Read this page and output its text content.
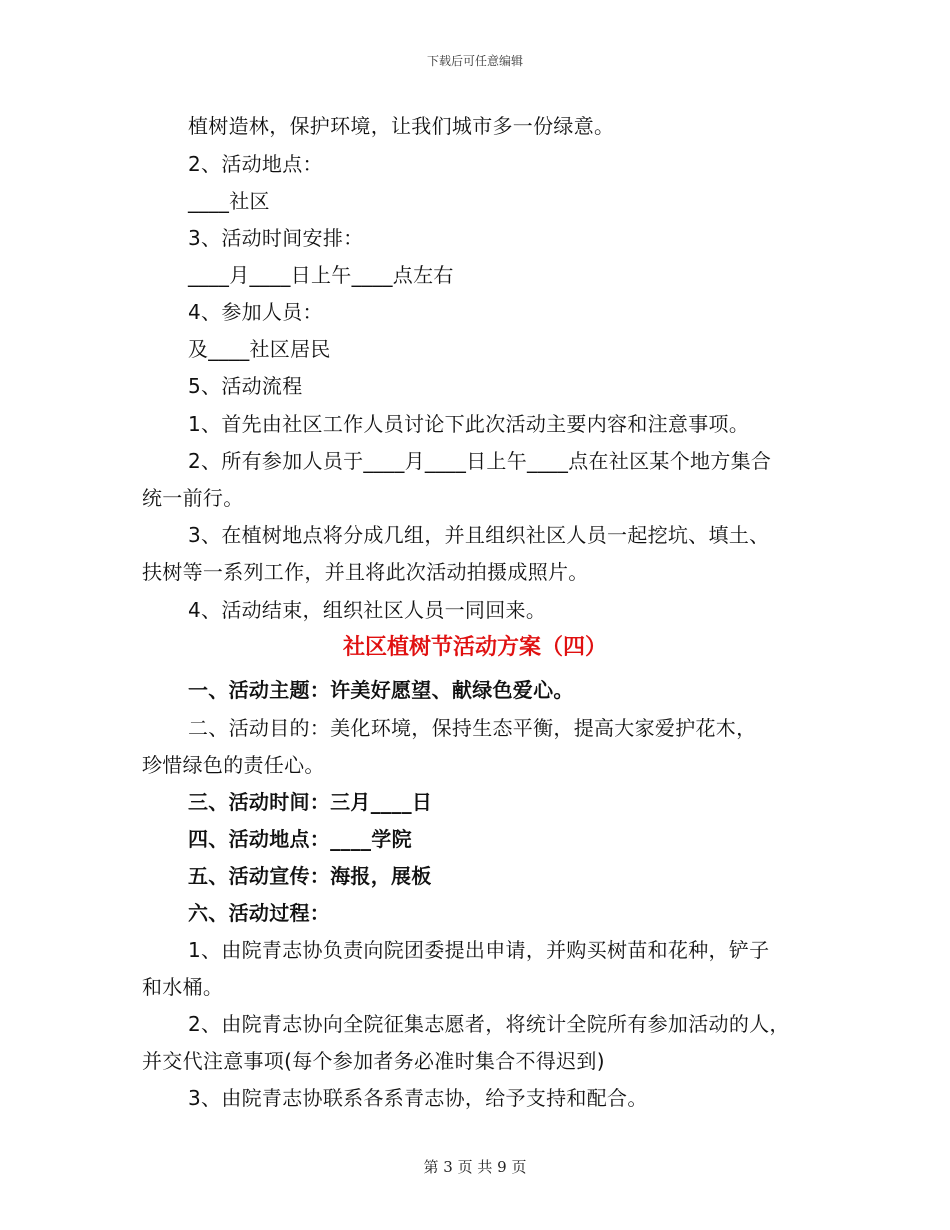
下载后可任意编辑
植树造林，保护环境，让我们城市多一份绿意。
2、活动地点：
____社区
3、活动时间安排：
____月____日上午____点左右
4、参加人员：
及____社区居民
5、活动流程
1、首先由社区工作人员讨论下此次活动主要内容和注意事项。
2、所有参加人员于____月____日上午____点在社区某个地方集合
统一前行。
3、在植树地点将分成几组，并且组织社区人员一起挖坑、填土、
扶树等一系列工作，并且将此次活动拍摄成照片。
4、活动结束，组织社区人员一同回来。
社区植树节活动方案（四）
一、活动主题：许美好愿望、献绿色爱心。
二、活动目的：美化环境，保持生态平衡，提高大家爱护花木，
珍惜绿色的责任心。
三、活动时间：三月____日
四、活动地点：____学院
五、活动宣传：海报，展板
六、活动过程：
1、由院青志协负责向院团委提出申请，并购买树苗和花种，铲子
和水桶。
2、由院青志协向全院征集志愿者，将统计全院所有参加活动的人，
并交代注意事项(每个参加者务必准时集合不得迟到)
3、由院青志协联系各系青志协，给予支持和配合。
第 3 页 共 9 页
